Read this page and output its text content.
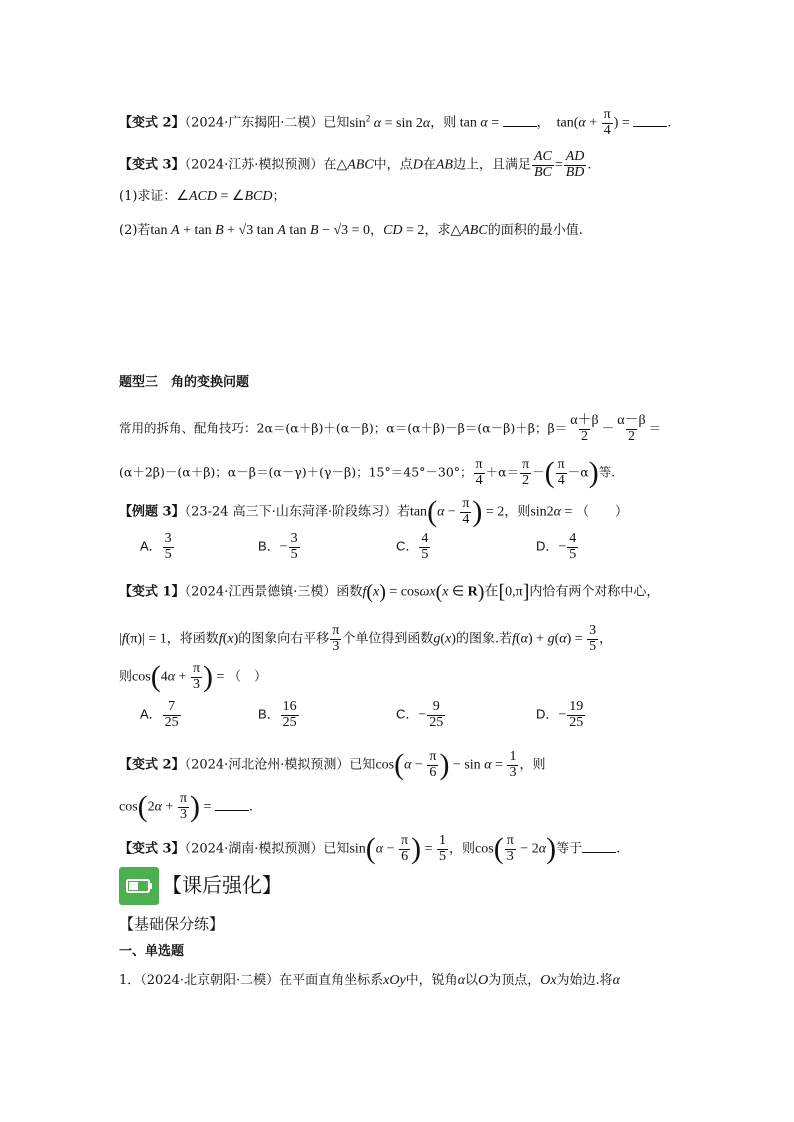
【变式 2】（2024·广东揭阳·二模）已知$\sin^2 \alpha = \sin 2\alpha$，则 tan α =	，  $\tan(\alpha + \frac{\pi}{4}$ ) =	.
【变式 3】（2024·江苏·模拟预测）在△ABC中，点D在AB边上，且满足 $\frac{AC}{BC} = \frac{AD}{BD}$ .
(1)求证：∠ACD = ∠BCD；
(2)若tan A + tan B + √3 tan A tan B − √3 = 0，CD = 2，求△ABC的面积的最小值.
题型三　角的变换问题
常用的拆角、配角技巧：2α＝(α＋β)＋(α－β)；α＝(α＋β)－β＝(α－β)＋β；$\beta= \frac{\alpha+\beta}{2} - \frac{\alpha-\beta}{2}$ ＝
(α＋2β)－(α＋β)；α－β＝(α－γ)＋(γ－β)；15°＝45°－30°； $\frac{\pi}{4} +\alpha= \frac{\pi}{2}$ －( $\frac{\pi}{4} -\alpha$)等.
【例题 3】（23-24 高三下·山东菏泽·阶段练习）若$\tan(\alpha - \frac{\pi}{4}$ ) = 2，则sin2α = （　　）
A． $\frac{3}{5}$	B．− $\frac{3}{5}$	C． $\frac{4}{5}$	D．− $\frac{4}{5}$
【变式 1】（2024·江西景德镇·三模）函数f(x) = cosωx(x ∈ R)在[0,π]内恰有两个对称中心，
|f(π)| = 1，将函数f(x)的图象向右平移 $\frac{\pi}{3}$ 个单位得到函数g(x)的图象.若$f(\alpha) + g(\alpha) = \frac{3}{5}$ ，
则$\cos(4\alpha + \frac{\pi}{3}$ ) = （　）
A． $\frac{7}{25}$	B． $\frac{16}{25}$	C．− $\frac{9}{25}$	D．− $\frac{19}{25}$
【变式 2】（2024·河北沧州·模拟预测）已知$\cos(\alpha - \frac{\pi}{6}$ ) − $\sin \alpha = \frac{1}{3}$ ，则
$\cos(2\alpha + \frac{\pi}{3}$ ) =	.
【变式 3】（2024·湖南·模拟预测）已知$\sin(\alpha - \frac{\pi}{6}$ ) = $\frac{1}{5}$ ，则$\cos( \frac{\pi}{3} - 2\alpha)$等于	.
【课后强化】
【基础保分练】
一、单选题
1．（2024·北京朝阳·二模）在平面直角坐标系xOy中，锐角α以O为顶点，Ox为始边.将α
